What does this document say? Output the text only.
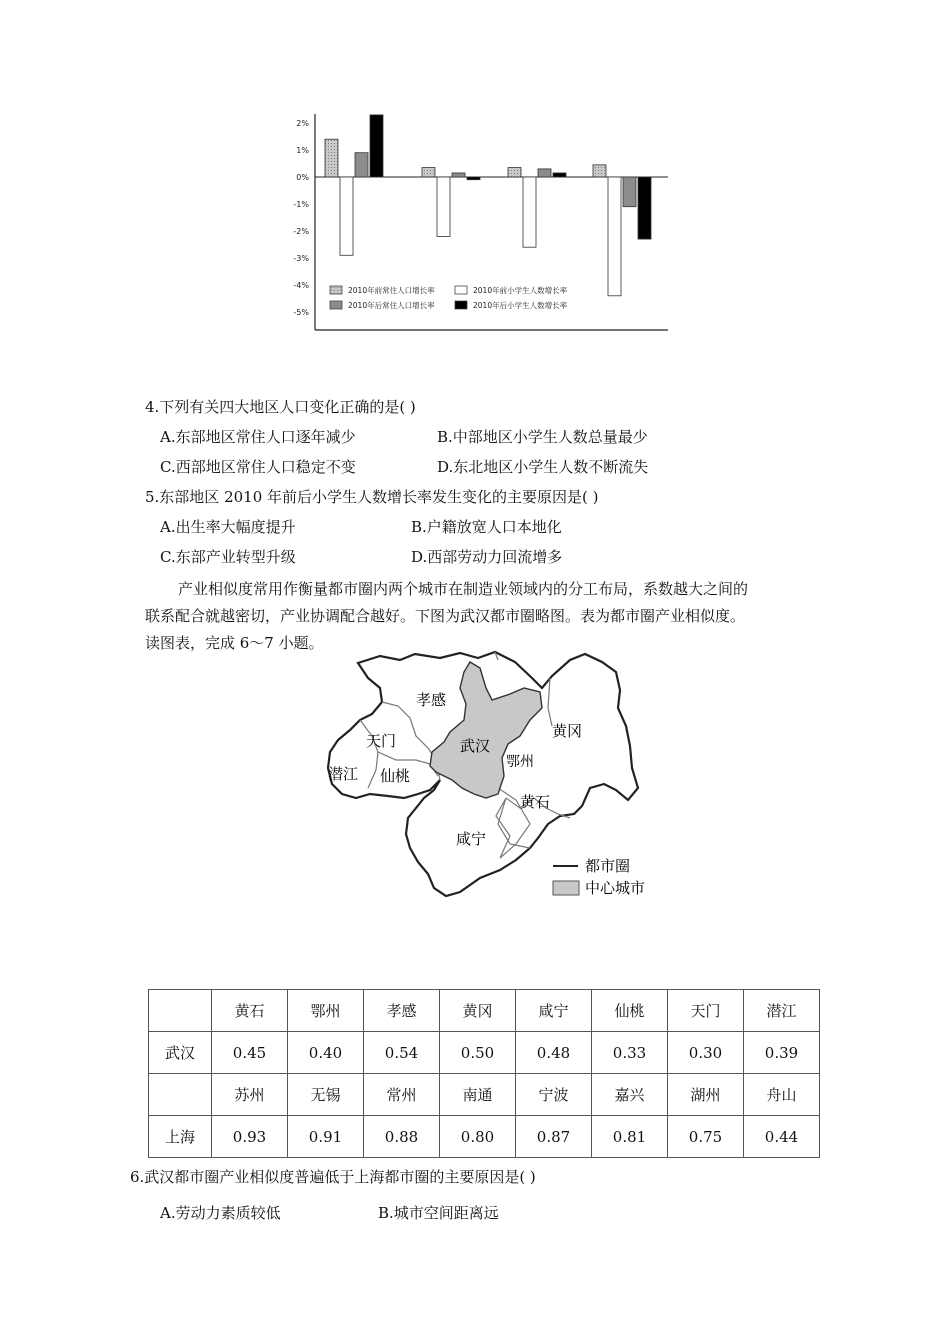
2%
1%
0%
-1%
-2%
-3%
-4%
-5%
2010年前常住人口增长率	2010年前小学生人数增长率
2010年后常住人口增长率	2010年后小学生人数增长率
4.下列有关四大地区人口变化正确的是( )
A.东部地区常住人口逐年减少	B.中部地区小学生人数总量最少
C.西部地区常住人口稳定不变	D.东北地区小学生人数不断流失
5.东部地区 2010 年前后小学生人数增长率发生变化的主要原因是( )
A.出生率大幅度提升	B.户籍放宽人口本地化
C.东部产业转型升级	D.西部劳动力回流增多
产业相似度常用作衡量都市圈内两个城市在制造业领域内的分工布局，系数越大之间的
联系配合就越密切，产业协调配合越好。下图为武汉都市圈略图。表为都市圈产业相似度。
读图表，完成 6～7 小题。
孝感
天门	武汉
黄冈
潜江 仙桃
鄂州
黄石
咸宁
都市圈
中心城市
	黄石	鄂州	孝感	黄冈	咸宁	仙桃	天门	潜江
武汉	0.45	0.40	0.54	0.50	0.48	0.33	0.30	0.39
	苏州	无锡	常州	南通	宁波	嘉兴	湖州	舟山
上海	0.93	0.91	0.88	0.80	0.87	0.81	0.75	0.44
6.武汉都市圈产业相似度普遍低于上海都市圈的主要原因是( )
A.劳动力素质较低	B.城市空间距离远
